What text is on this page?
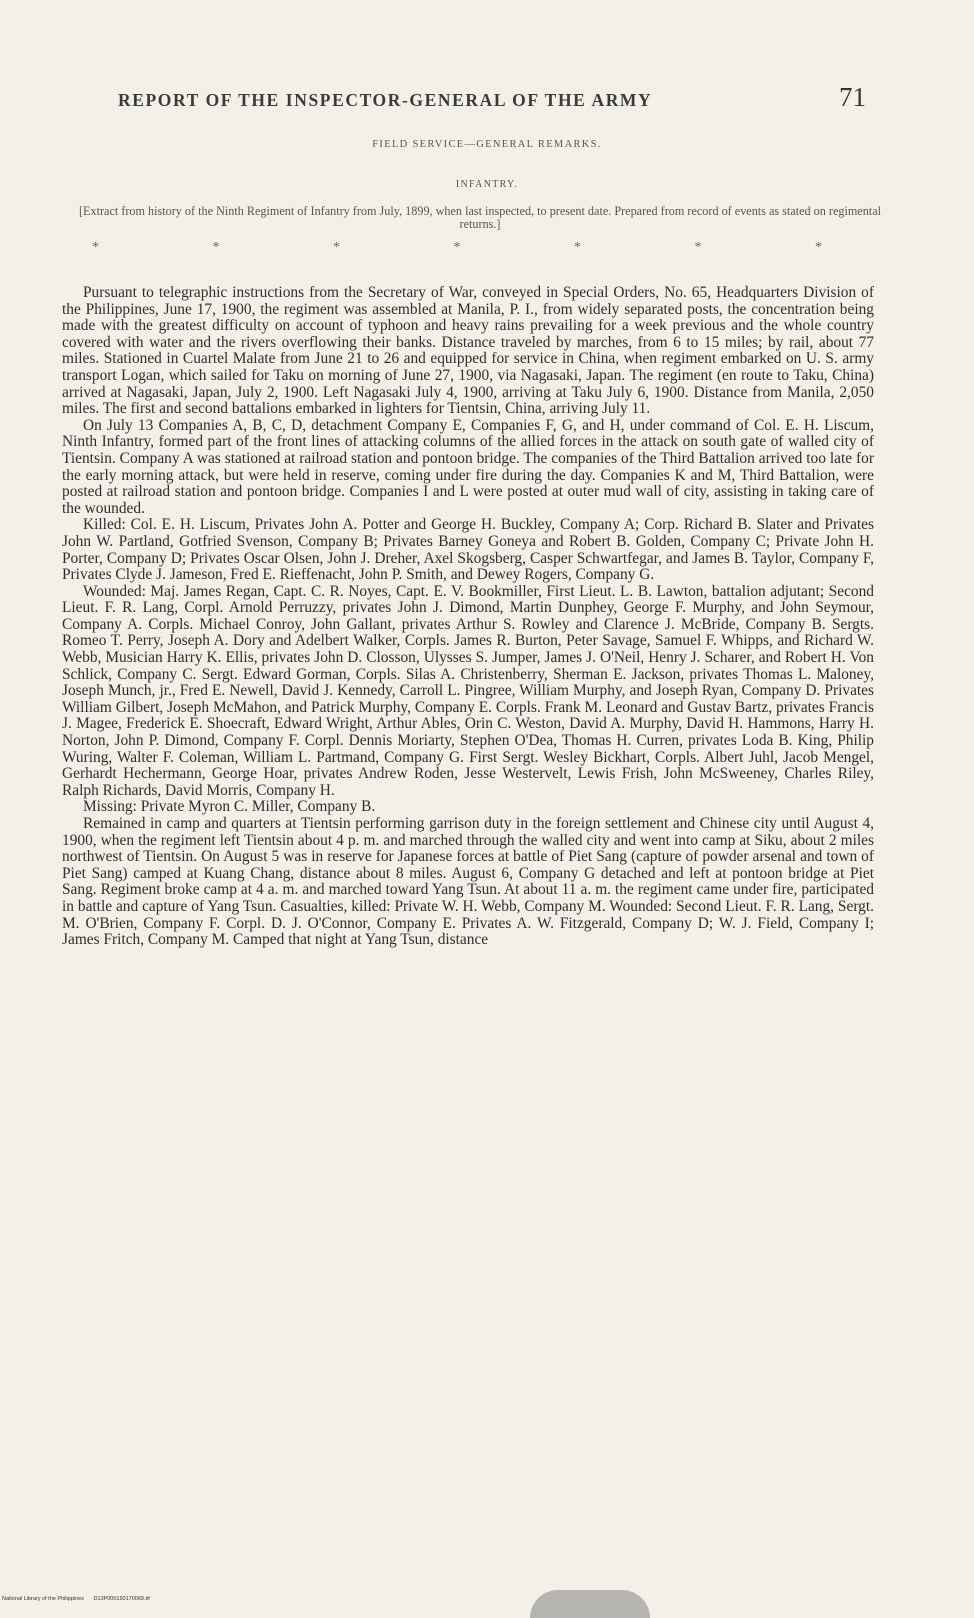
REPORT OF THE INSPECTOR-GENERAL OF THE ARMY	71
FIELD SERVICE—GENERAL REMARKS.
INFANTRY.
[Extract from history of the Ninth Regiment of Infantry from July, 1899, when last inspected, to present date. Prepared from record of events as stated on regimental returns.]
*	*	*	*	*	*	*

Pursuant to telegraphic instructions from the Secretary of War, conveyed in Special Orders, No. 65, Headquarters Division of the Philippines, June 17, 1900, the regiment was assembled at Manila, P. I., from widely separated posts, the concentration being made with the greatest difficulty on account of typhoon and heavy rains prevailing for a week previous and the whole country covered with water and the rivers overflowing their banks. Distance traveled by marches, from 6 to 15 miles; by rail, about 77 miles. Stationed in Cuartel Malate from June 21 to 26 and equipped for service in China, when regiment embarked on U. S. army transport Logan, which sailed for Taku on morning of June 27, 1900, via Nagasaki, Japan. The regiment (en route to Taku, China) arrived at Nagasaki, Japan, July 2, 1900. Left Nagasaki July 4, 1900, arriving at Taku July 6, 1900. Distance from Manila, 2,050 miles. The first and second battalions embarked in lighters for Tientsin, China, arriving July 11.

On July 13 Companies A, B, C, D, detachment Company E, Companies F, G, and H, under command of Col. E. H. Liscum, Ninth Infantry, formed part of the front lines of attacking columns of the allied forces in the attack on south gate of walled city of Tientsin. Company A was stationed at railroad station and pontoon bridge. The companies of the Third Battalion arrived too late for the early morning attack, but were held in reserve, coming under fire during the day. Companies K and M, Third Battalion, were posted at railroad station and pontoon bridge. Companies I and L were posted at outer mud wall of city, assisting in taking care of the wounded.

Killed: Col. E. H. Liscum, Privates John A. Potter and George H. Buckley, Company A; Corp. Richard B. Slater and Privates John W. Partland, Gotfried Svenson, Company B; Privates Barney Goneya and Robert B. Golden, Company C; Private John H. Porter, Company D; Privates Oscar Olsen, John J. Dreher, Axel Skogsberg, Casper Schwartfegar, and James B. Taylor, Company F, Privates Clyde J. Jameson, Fred E. Rieffenacht, John P. Smith, and Dewey Rogers, Company G.

Wounded: Maj. James Regan, Capt. C. R. Noyes, Capt. E. V. Bookmiller, First Lieut. L. B. Lawton, battalion adjutant; Second Lieut. F. R. Lang, Corpl. Arnold Perruzzy, privates John J. Dimond, Martin Dunphey, George F. Murphy, and John Seymour, Company A. Corpls. Michael Conroy, John Gallant, privates Arthur S. Rowley and Clarence J. McBride, Company B. Sergts. Romeo T. Perry, Joseph A. Dory and Adelbert Walker, Corpls. James R. Burton, Peter Savage, Samuel F. Whipps, and Richard W. Webb, Musician Harry K. Ellis, privates John D. Closson, Ulysses S. Jumper, James J. O'Neil, Henry J. Scharer, and Robert H. Von Schlick, Company C. Sergt. Edward Gorman, Corpls. Silas A. Christenberry, Sherman E. Jackson, privates Thomas L. Maloney, Joseph Munch, jr., Fred E. Newell, David J. Kennedy, Carroll L. Pingree, William Murphy, and Joseph Ryan, Company D. Privates William Gilbert, Joseph McMahon, and Patrick Murphy, Company E. Corpls. Frank M. Leonard and Gustav Bartz, privates Francis J. Magee, Frederick E. Shoecraft, Edward Wright, Arthur Ables, Orin C. Weston, David A. Murphy, David H. Hammons, Harry H. Norton, John P. Dimond, Company F. Corpl. Dennis Moriarty, Stephen O'Dea, Thomas H. Curren, privates Loda B. King, Philip Wuring, Walter F. Coleman, William L. Partmand, Company G. First Sergt. Wesley Bickhart, Corpls. Albert Juhl, Jacob Mengel, Gerhardt Hechermann, George Hoar, privates Andrew Roden, Jesse Westervelt, Lewis Frish, John McSweeney, Charles Riley, Ralph Richards, David Morris, Company H.

Missing: Private Myron C. Miller, Company B.

Remained in camp and quarters at Tientsin performing garrison duty in the foreign settlement and Chinese city until August 4, 1900, when the regiment left Tientsin about 4 p. m. and marched through the walled city and went into camp at Siku, about 2 miles northwest of Tientsin. On August 5 was in reserve for Japanese forces at battle of Piet Sang (capture of powder arsenal and town of Piet Sang) camped at Kuang Chang, distance about 8 miles. August 6, Company G detached and left at pontoon bridge at Piet Sang. Regiment broke camp at 4 a. m. and marched toward Yang Tsun. At about 11 a. m. the regiment came under fire, participated in battle and capture of Yang Tsun. Casualties, killed: Private W. H. Webb, Company M. Wounded: Second Lieut. F. R. Lang, Sergt. M. O'Brien, Company F. Corpl. D. J. O'Connor, Company E. Privates A. W. Fitzgerald, Company D; W. J. Field, Company I; James Fritch, Company M. Camped that night at Yang Tsun, distance

National Library of the Philippines D13P000150170069.tif
